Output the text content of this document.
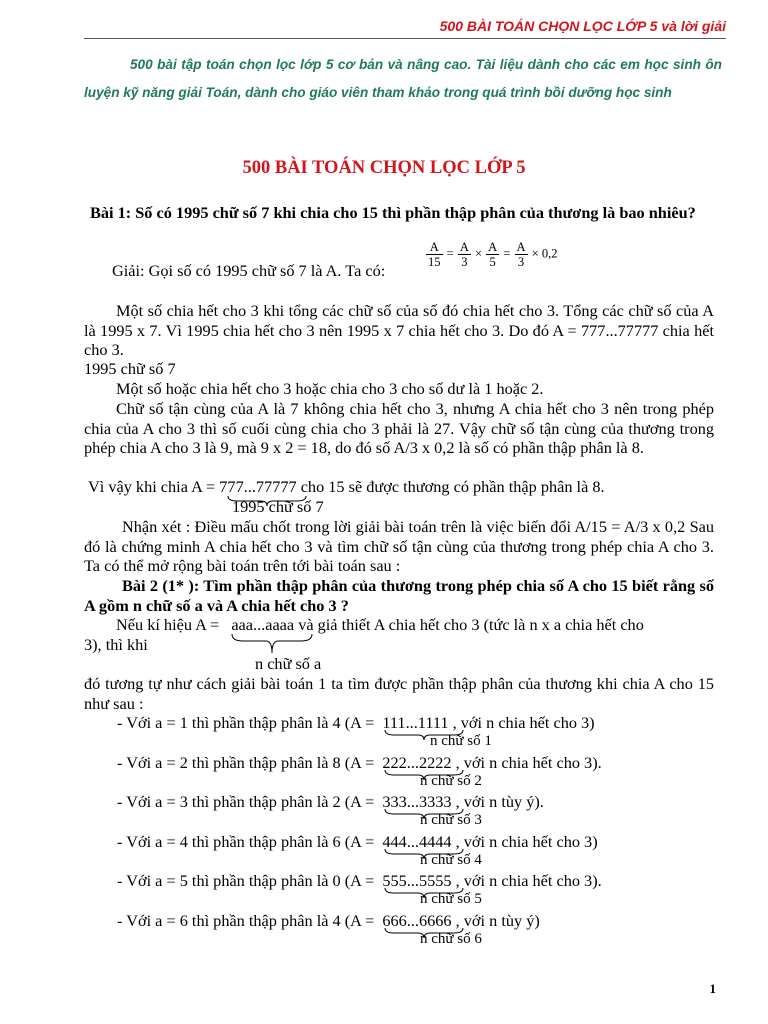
500 BÀI TOÁN CHỌN LỌC LỚP 5 và lời giải
500 bài tập toán chọn lọc lớp 5 cơ bản và nâng cao. Tài liệu dành cho các em học sinh ôn luyện kỹ năng giải Toán, dành cho giáo viên tham khảo trong quá trình bồi dưỡng học sinh
500 BÀI TOÁN CHỌN LỌC LỚP 5
Bài 1: Số có 1995 chữ số 7 khi chia cho 15 thì phần thập phân của thương là bao nhiêu?
Giải: Gọi số có 1995 chữ số 7 là A. Ta có:
$\frac{A}{15} = \frac{A}{3} \times \frac{A}{5} = \frac{A}{3} \times 0,2$
Một số chia hết cho 3 khi tổng các chữ số của số đó chia hết cho 3. Tổng các chữ số của A là 1995 x 7. Vì 1995 chia hết cho 3 nên 1995 x 7 chia hết cho 3. Do đó A = 777...77777 chia hết cho 3.
1995 chữ số 7
Một số hoặc chia hết cho 3 hoặc chia cho 3 cho số dư là 1 hoặc 2.
Chữ số tận cùng của A là 7 không chia hết cho 3, nhưng A chia hết cho 3 nên trong phép chia của A cho 3 thì số cuối cùng chia cho 3 phải là 27. Vậy chữ số tận cùng của thương trong phép chia A cho 3 là 9, mà 9 x 2 = 18, do đó số A/3 x 0,2 là số có phần thập phân là 8.
Vì vậy khi chia A = 777...77777 cho 15 sẽ được thương có phần thập phân là 8.
1995 chữ số 7
Nhận xét : Điều mấu chốt trong lời giải bài toán trên là việc biến đổi A/15 = A/3 x 0,2 Sau đó là chứng minh A chia hết cho 3 và tìm chữ số tận cùng của thương trong phép chia A cho 3. Ta có thể mở rộng bài toán trên tới bài toán sau :
Bài 2 (1* ): Tìm phần thập phân của thương trong phép chia số A cho 15 biết rằng số A gồm n chữ số a và A chia hết cho 3 ?
Nếu kí hiệu A = aaa...aaaa và giả thiết A chia hết cho 3 (tức là n x a chia hết cho
3), thì khi
n chữ số a
đó tương tự như cách giải bài toán 1 ta tìm được phần thập phân của thương khi chia A cho 15 như sau :
- Với a = 1 thì phần thập phân là 4 (A = 111...1111 , với n chia hết cho 3)
n chữ số 1
- Với a = 2 thì phần thập phân là 8 (A = 222...2222 , với n chia hết cho 3).
n chữ số 2
- Với a = 3 thì phần thập phân là 2 (A = 333...3333 , với n tùy ý).
n chữ số 3
- Với a = 4 thì phần thập phân là 6 (A = 444...4444 , với n chia hết cho 3)
n chữ số 4
- Với a = 5 thì phần thập phân là 0 (A = 555...5555 , với n chia hết cho 3).
n chữ số 5
- Với a = 6 thì phần thập phân là 4 (A = 666...6666 , với n tùy ý)
n chữ số 6
1
